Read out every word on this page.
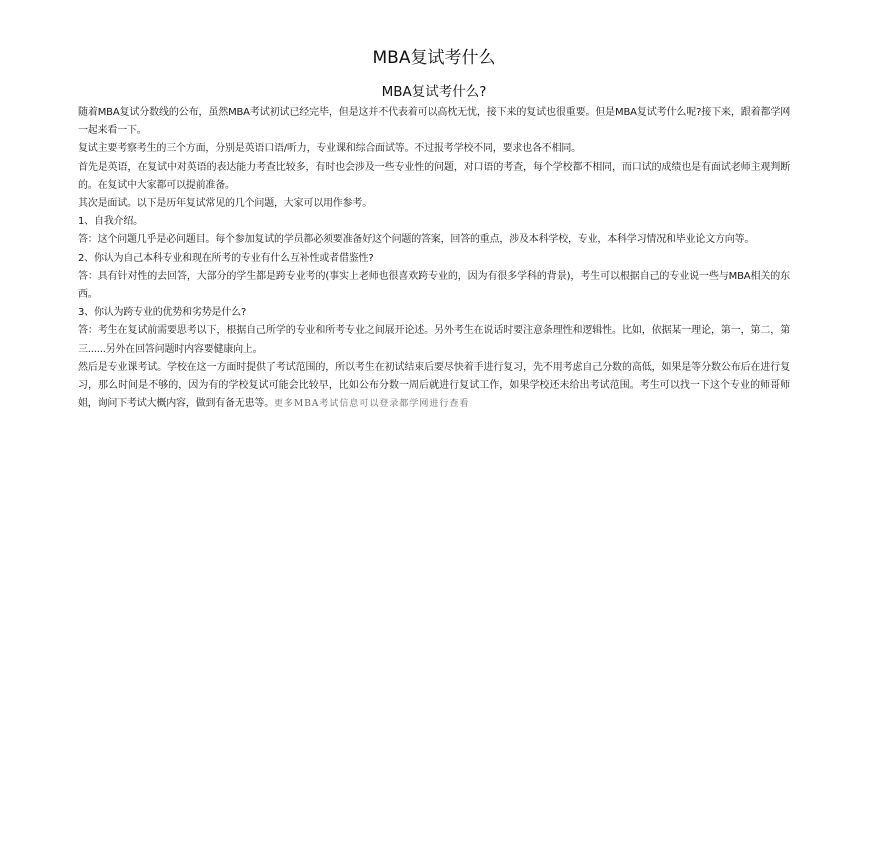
MBA复试考什么
MBA复试考什么?

随着MBA复试分数线的公布，虽然MBA考试初试已经完毕，但是这并不代表着可以高枕无忧，接下来的复试也很重要。但是MBA复试考什么呢?接下来，跟着都学网一起来看一下。

复试主要考察考生的三个方面，分别是英语口语/听力，专业课和综合面试等。不过报考学校不同，要求也各不相同。

首先是英语，在复试中对英语的表达能力考查比较多，有时也会涉及一些专业性的问题，对口语的考查，每个学校都不相同，而口试的成绩也是有面试老师主观判断的。在复试中大家都可以提前准备。

其次是面试。以下是历年复试常见的几个问题，大家可以用作参考。

1、自我介绍。

答：这个问题几乎是必问题目。每个参加复试的学员都必须要准备好这个问题的答案，回答的重点，涉及本科学校，专业，本科学习情况和毕业论文方向等。

2、你认为自己本科专业和现在所考的专业有什么互补性或者借鉴性?

答：具有针对性的去回答，大部分的学生都是跨专业考的(事实上老师也很喜欢跨专业的，因为有很多学科的背景)，考生可以根据自己的专业说一些与MBA相关的东西。

3、你认为跨专业的优势和劣势是什么?

答：考生在复试前需要思考以下，根据自己所学的专业和所考专业之间展开论述。另外考生在说话时要注意条理性和逻辑性。比如，依据某一理论，第一，第二，第三......另外在回答问题时内容要健康向上。

然后是专业课考试。学校在这一方面时提供了考试范围的，所以考生在初试结束后要尽快着手进行复习，先不用考虑自己分数的高低，如果是等分数公布后在进行复习，那么时间是不够的，因为有的学校复试可能会比较早，比如公布分数一周后就进行复试工作，如果学校还未给出考试范围。考生可以找一下这个专业的师哥师姐，询问下考试大概内容，做到有备无患等。更多MBA考试信息可以登录都学网进行查看
